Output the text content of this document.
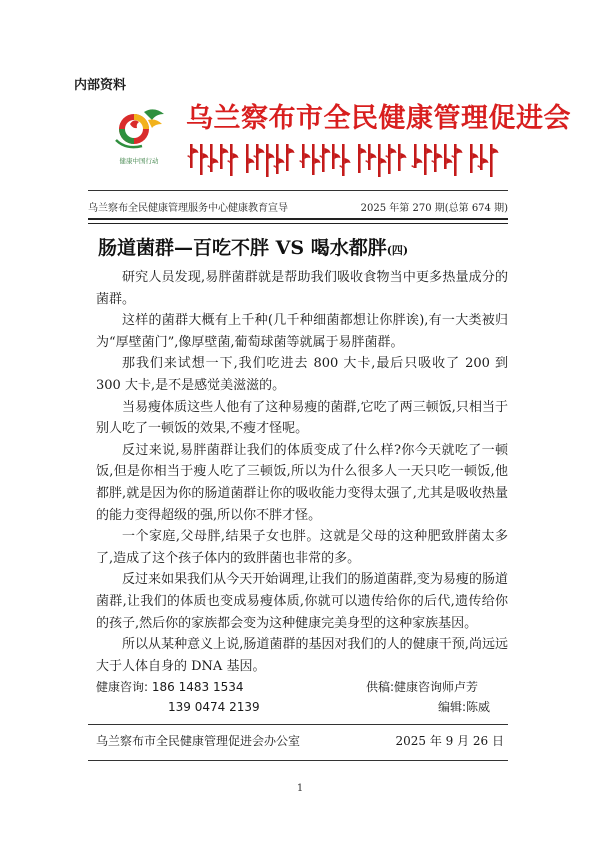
内部资料
健康中国行动
乌兰察布市全民健康管理促进会
乌兰察布全民健康管理服务中心健康教育宣导	2025 年第 270 期(总第 674 期)
肠道菌群—百吃不胖 VS 喝水都胖(四)

研究人员发现,易胖菌群就是帮助我们吸收食物当中更多热量成分的菌群。

这样的菌群大概有上千种(几千种细菌都想让你胖诶),有一大类被归为“厚壁菌门”,像厚壁菌,葡萄球菌等就属于易胖菌群。

那我们来试想一下,我们吃进去 800 大卡,最后只吸收了 200 到 300 大卡,是不是感觉美滋滋的。

当易瘦体质这些人他有了这种易瘦的菌群,它吃了两三顿饭,只相当于别人吃了一顿饭的效果,不瘦才怪呢。

反过来说,易胖菌群让我们的体质变成了什么样?你今天就吃了一顿饭,但是你相当于瘦人吃了三顿饭,所以为什么很多人一天只吃一顿饭,他都胖,就是因为你的肠道菌群让你的吸收能力变得太强了,尤其是吸收热量的能力变得超级的强,所以你不胖才怪。

一个家庭,父母胖,结果子女也胖。这就是父母的这种肥致胖菌太多了,造成了这个孩子体内的致胖菌也非常的多。

反过来如果我们从今天开始调理,让我们的肠道菌群,变为易瘦的肠道菌群,让我们的体质也变成易瘦体质,你就可以遗传给你的后代,遗传给你的孩子,然后你的家族都会变为这种健康完美身型的这种家族基因。

所以从某种意义上说,肠道菌群的基因对我们的人的健康干预,尚远远大于人体自身的 DNA 基因。

健康咨询: 186 1483 1534	供稿:健康咨询师卢芳
139 0474 2139	编辑:陈威
乌兰察布市全民健康管理促进会办公室	2025 年 9 月 26 日
1
